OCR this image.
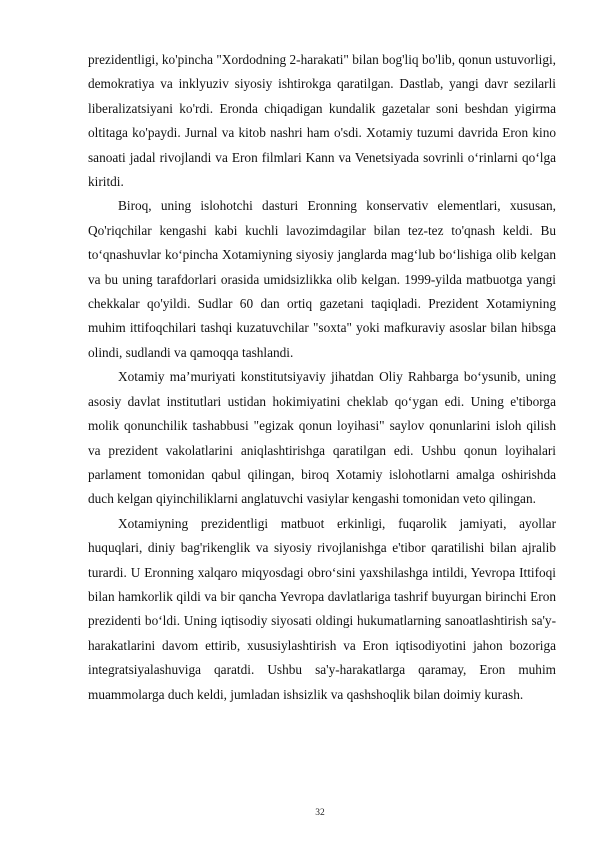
prezidentligi, ko'pincha "Xordodning 2-harakati" bilan bog'liq bo'lib, qonun ustuvorligi, demokratiya va inklyuziv siyosiy ishtirokga qaratilgan. Dastlab, yangi davr sezilarli liberalizatsiyani ko'rdi. Eronda chiqadigan kundalik gazetalar soni beshdan yigirma oltitaga ko'paydi. Jurnal va kitob nashri ham o'sdi. Xotamiy tuzumi davrida Eron kino sanoati jadal rivojlandi va Eron filmlari Kann va Venetsiyada sovrinli o‘rinlarni qo‘lga kiritdi.

Biroq, uning islohotchi dasturi Eronning konservativ elementlari, xususan, Qo'riqchilar kengashi kabi kuchli lavozimdagilar bilan tez-tez to'qnash keldi. Bu to‘qnashuvlar ko‘pincha Xotamiyning siyosiy janglarda mag‘lub bo‘lishiga olib kelgan va bu uning tarafdorlari orasida umidsizlikka olib kelgan. 1999-yilda matbuotga yangi chekkalar qo'yildi. Sudlar 60 dan ortiq gazetani taqiqladi. Prezident Xotamiyning muhim ittifoqchilari tashqi kuzatuvchilar "soxta" yoki mafkuraviy asoslar bilan hibsga olindi, sudlandi va qamoqqa tashlandi.

Xotamiy ma’muriyati konstitutsiyaviy jihatdan Oliy Rahbarga bo‘ysunib, uning asosiy davlat institutlari ustidan hokimiyatini cheklab qo‘ygan edi. Uning e'tiborga molik qonunchilik tashabbusi "egizak qonun loyihasi" saylov qonunlarini isloh qilish va prezident vakolatlarini aniqlashtirishga qaratilgan edi. Ushbu qonun loyihalari parlament tomonidan qabul qilingan, biroq Xotamiy islohotlarni amalga oshirishda duch kelgan qiyinchiliklarni anglatuvchi vasiylar kengashi tomonidan veto qilingan.

Xotamiyning prezidentligi matbuot erkinligi, fuqarolik jamiyati, ayollar huquqlari, diniy bag'rikenglik va siyosiy rivojlanishga e'tibor qaratilishi bilan ajralib turardi. U Eronning xalqaro miqyosdagi obro‘sini yaxshilashga intildi, Yevropa Ittifoqi bilan hamkorlik qildi va bir qancha Yevropa davlatlariga tashrif buyurgan birinchi Eron prezidenti bo‘ldi. Uning iqtisodiy siyosati oldingi hukumatlarning sanoatlashtirish sa'y-harakatlarini davom ettirib, xususiylashtirish va Eron iqtisodiyotini jahon bozoriga integratsiyalashuviga qaratdi. Ushbu sa'y-harakatlarga qaramay, Eron muhim muammolarga duch keldi, jumladan ishsizlik va qashshoqlik bilan doimiy kurash.

32
